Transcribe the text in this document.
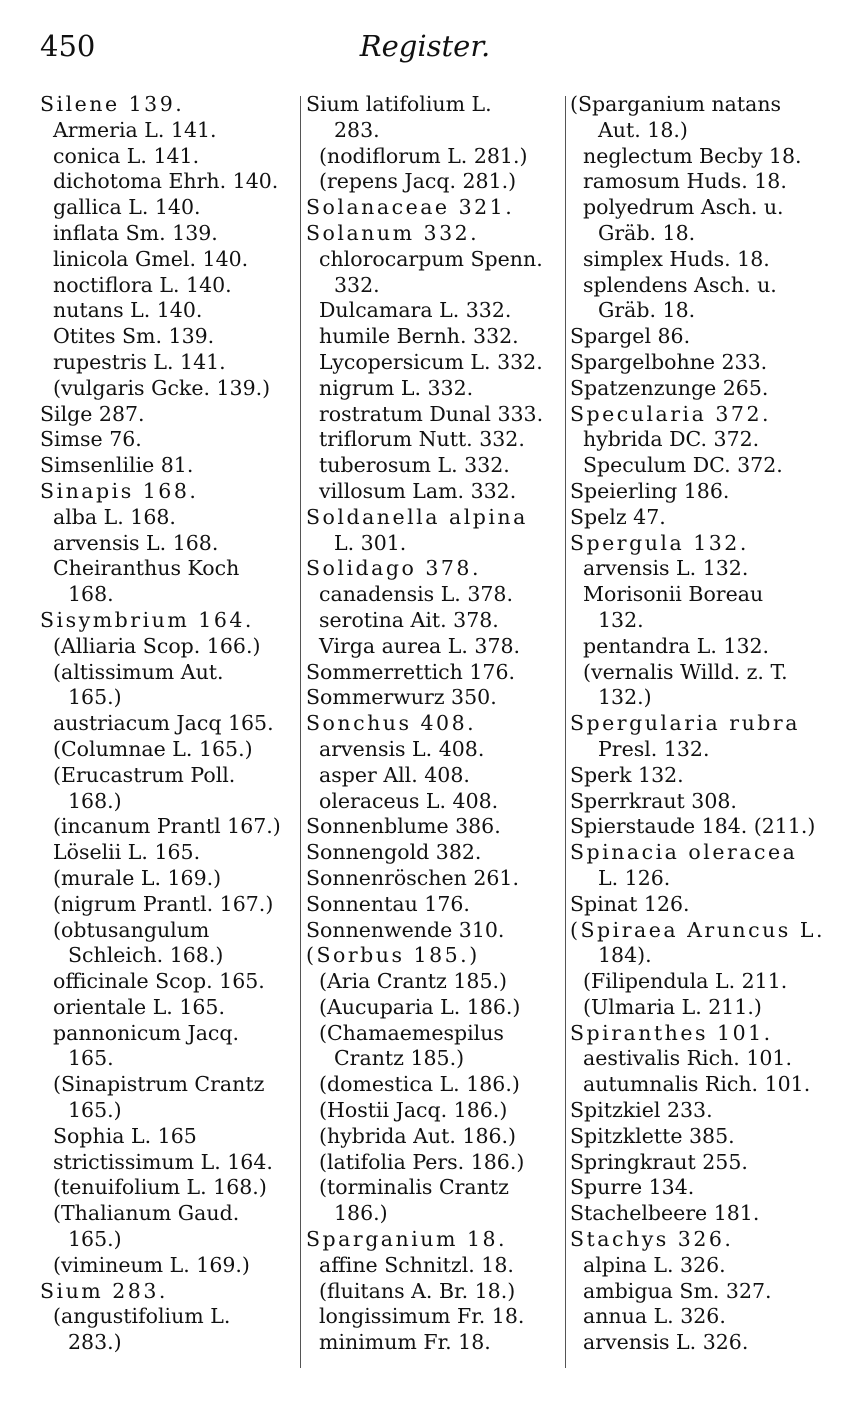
450	Register.
Silene 139.
Armeria L. 141.
conica L. 141.
dichotoma Ehrh. 140.
gallica L. 140.
inflata Sm. 139.
linicola Gmel. 140.
noctiflora L. 140.
nutans L. 140.
Otites Sm. 139.
rupestris L. 141.
(vulgaris Gcke. 139.)
Silge 287.
Simse 76.
Simsenlilie 81.
Sinapis 168.
alba L. 168.
arvensis L. 168.
Cheiranthus Koch
168.
Sisymbrium 164.
(Alliaria Scop. 166.)
(altissimum Aut.
165.)
austriacum Jacq 165.
(Columnae L. 165.)
(Erucastrum Poll.
168.)
(incanum Prantl 167.)
Löselii L. 165.
(murale L. 169.)
(nigrum Prantl. 167.)
(obtusangulum
Schleich. 168.)
officinale Scop. 165.
orientale L. 165.
pannonicum Jacq.
165.
(Sinapistrum Crantz
165.)
Sophia L. 165
strictissimum L. 164.
(tenuifolium L. 168.)
(Thalianum Gaud.
165.)
(vimineum L. 169.)
Sium 283.
(angustifolium L.
283.)
Sium latifolium L.
283.
(nodiflorum L. 281.)
(repens Jacq. 281.)
Solanaceae 321.
Solanum 332.
chlorocarpum Spenn.
332.
Dulcamara L. 332.
humile Bernh. 332.
Lycopersicum L. 332.
nigrum L. 332.
rostratum Dunal 333.
triflorum Nutt. 332.
tuberosum L. 332.
villosum Lam. 332.
Soldanella alpina
L. 301.
Solidago 378.
canadensis L. 378.
serotina Ait. 378.
Virga aurea L. 378.
Sommerrettich 176.
Sommerwurz 350.
Sonchus 408.
arvensis L. 408.
asper All. 408.
oleraceus L. 408.
Sonnenblume 386.
Sonnengold 382.
Sonnenröschen 261.
Sonnentau 176.
Sonnenwende 310.
(Sorbus 185.)
(Aria Crantz 185.)
(Aucuparia L. 186.)
(Chamaemespilus
Crantz 185.)
(domestica L. 186.)
(Hostii Jacq. 186.)
(hybrida Aut. 186.)
(latifolia Pers. 186.)
(torminalis Crantz
186.)
Sparganium 18.
affine Schnitzl. 18.
(fluitans A. Br. 18.)
longissimum Fr. 18.
minimum Fr. 18.
(Sparganium natans
Aut. 18.)
neglectum Becby 18.
ramosum Huds. 18.
polyedrum Asch. u.
Gräb. 18.
simplex Huds. 18.
splendens Asch. u.
Gräb. 18.
Spargel 86.
Spargelbohne 233.
Spatzenzunge 265.
Specularia 372.
hybrida DC. 372.
Speculum DC. 372.
Speierling 186.
Spelz 47.
Spergula 132.
arvensis L. 132.
Morisonii Boreau
132.
pentandra L. 132.
(vernalis Willd. z. T.
132.)
Spergularia rubra
Presl. 132.
Sperk 132.
Sperrkraut 308.
Spierstaude 184. (211.)
Spinacia oleracea
L. 126.
Spinat 126.
(Spiraea Aruncus L.
184).
(Filipendula L. 211.
(Ulmaria L. 211.)
Spiranthes 101.
aestivalis Rich. 101.
autumnalis Rich. 101.
Spitzkiel 233.
Spitzklette 385.
Springkraut 255.
Spurre 134.
Stachelbeere 181.
Stachys 326.
alpina L. 326.
ambigua Sm. 327.
annua L. 326.
arvensis L. 326.
